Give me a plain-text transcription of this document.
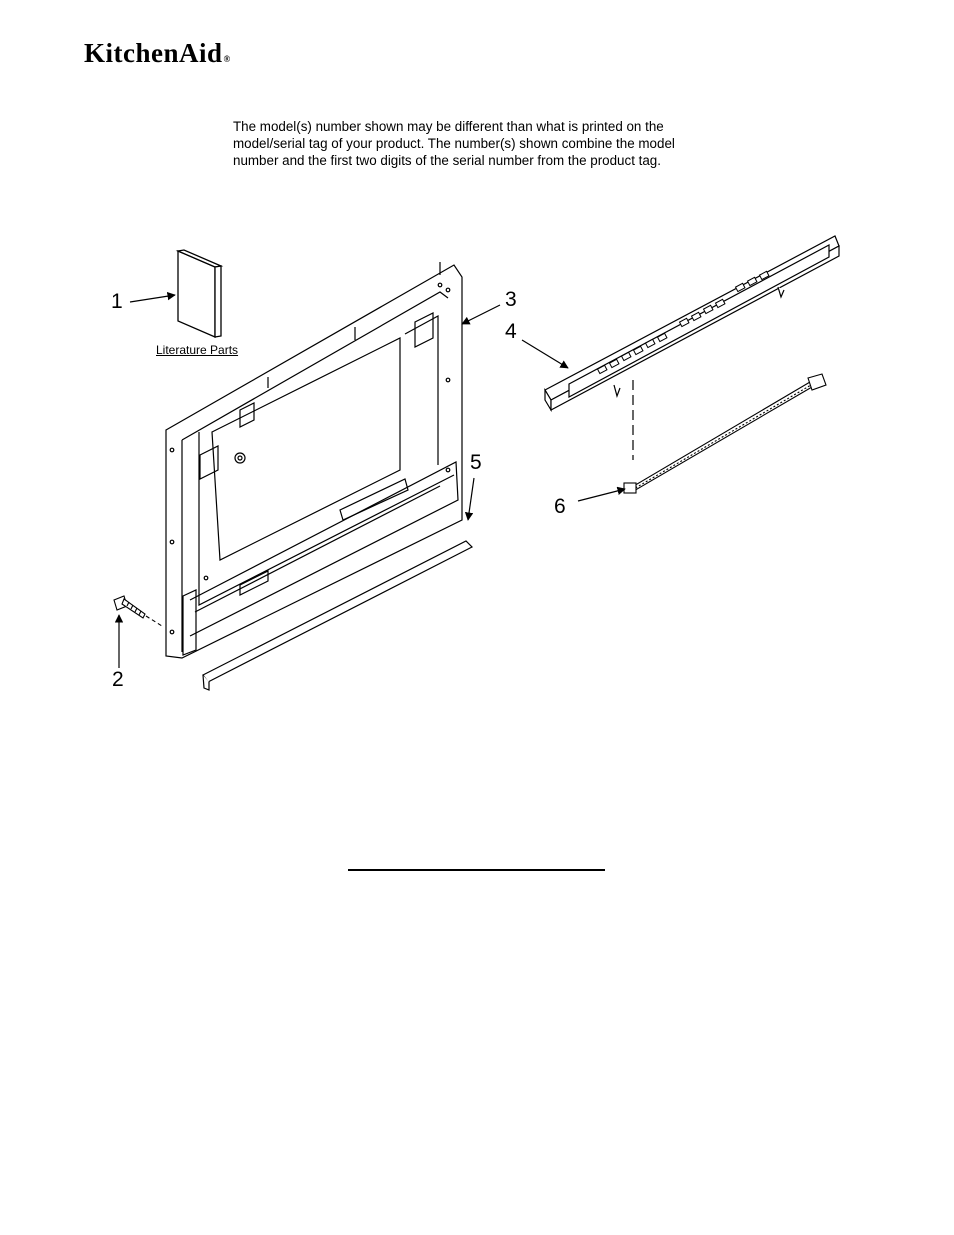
KitchenAid®
The model(s) number shown may be different than what is printed on the
model/serial tag of your product. The number(s) shown combine the model
number and the first two digits of the serial number from the product tag.
1
2
3
4
5
6
Literature Parts
